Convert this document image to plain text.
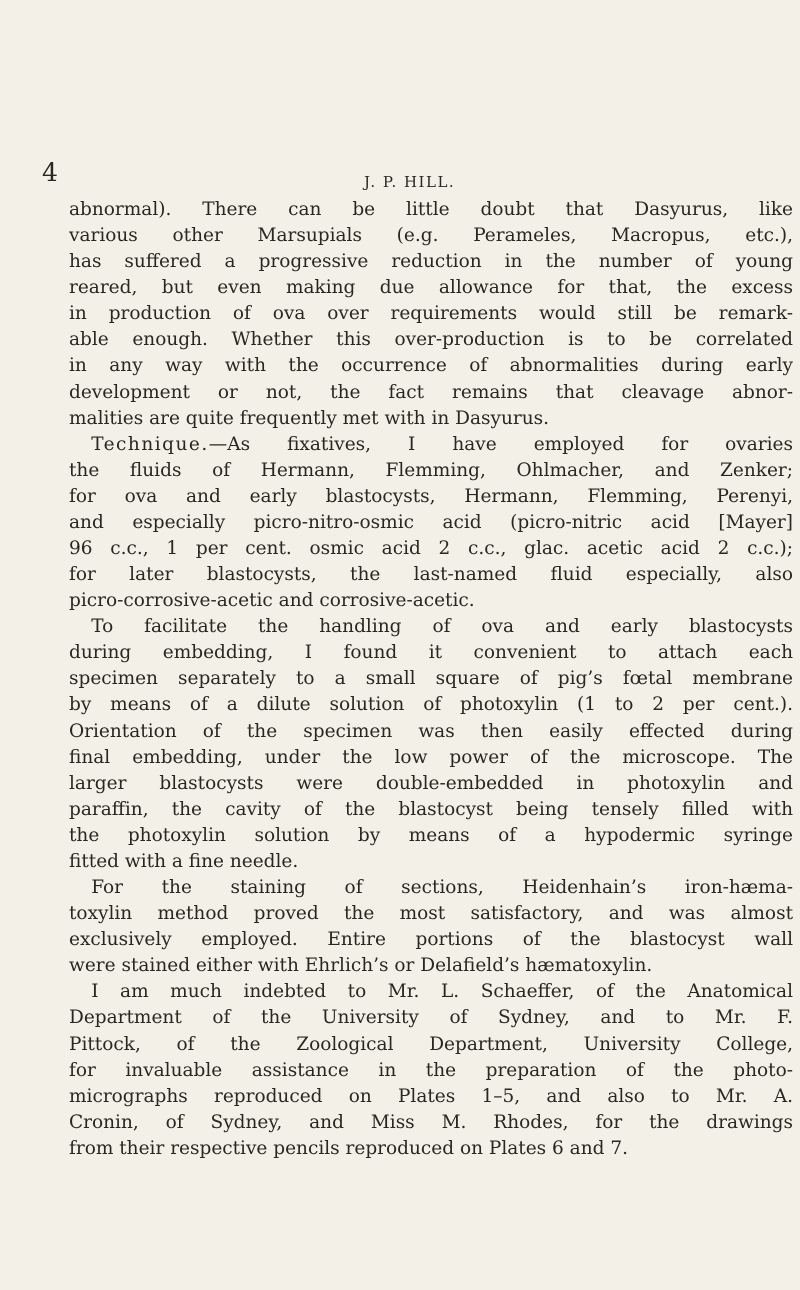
4	J. P. HILL.
abnormal). There can be little doubt that Dasyurus, like
various other Marsupials (e.g. Perameles, Macropus, etc.),
has suffered a progressive reduction in the number of young
reared, but even making due allowance for that, the excess
in production of ova over requirements would still be remark-
able enough. Whether this over-production is to be correlated
in any way with the occurrence of abnormalities during early
development or not, the fact remains that cleavage abnor-
malities are quite frequently met with in Dasyurus.
Technique.—As fixatives, I have employed for ovaries
the fluids of Hermann, Flemming, Ohlmacher, and Zenker;
for ova and early blastocysts, Hermann, Flemming, Perenyi,
and especially picro-nitro-osmic acid (picro-nitric acid [Mayer]
96 c.c., 1 per cent. osmic acid 2 c.c., glac. acetic acid 2 c.c.);
for later blastocysts, the last-named fluid especially, also
picro-corrosive-acetic and corrosive-acetic.
To facilitate the handling of ova and early blastocysts
during embedding, I found it convenient to attach each
specimen separately to a small square of pig’s fœtal membrane
by means of a dilute solution of photoxylin (1 to 2 per cent.).
Orientation of the specimen was then easily effected during
final embedding, under the low power of the microscope. The
larger blastocysts were double-embedded in photoxylin and
paraffin, the cavity of the blastocyst being tensely filled with
the photoxylin solution by means of a hypodermic syringe
fitted with a fine needle.
For the staining of sections, Heidenhain’s iron-hæma-
toxylin method proved the most satisfactory, and was almost
exclusively employed. Entire portions of the blastocyst wall
were stained either with Ehrlich’s or Delafield’s hæmatoxylin.
I am much indebted to Mr. L. Schaeffer, of the Anatomical
Department of the University of Sydney, and to Mr. F.
Pittock, of the Zoological Department, University College,
for invaluable assistance in the preparation of the photo-
micrographs reproduced on Plates 1–5, and also to Mr. A.
Cronin, of Sydney, and Miss M. Rhodes, for the drawings
from their respective pencils reproduced on Plates 6 and 7.
